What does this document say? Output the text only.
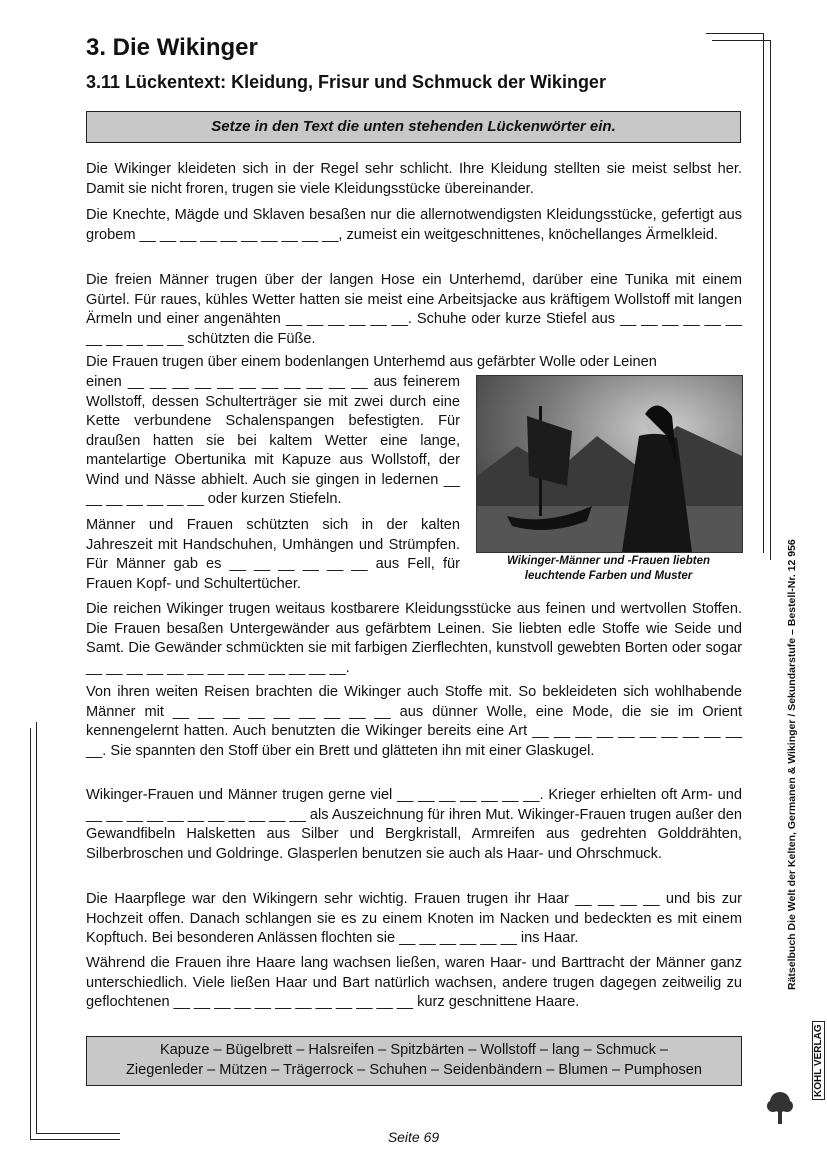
3. Die Wikinger
3.11 Lückentext: Kleidung, Frisur und Schmuck der Wikinger
Setze in den Text die unten stehenden Lückenwörter ein.

Die Wikinger kleideten sich in der Regel sehr schlicht. Ihre Kleidung stellten sie meist selbst her. Damit sie nicht froren, trugen sie viele Kleidungsstücke übereinander.

Die Knechte, Mägde und Sklaven besaßen nur die allernotwendigsten Kleidungsstücke, gefertigt aus grobem __ __ __ __ __ __ __ __ __ __, zumeist ein weitgeschnittenes, knöchellanges Ärmelkleid.

Die freien Männer trugen über der langen Hose ein Unterhemd, darüber eine Tunika mit einem Gürtel. Für raues, kühles Wetter hatten sie meist eine Arbeitsjacke aus kräftigem Wollstoff mit langen Ärmeln und einer angenähten __ __ __ __ __ __. Schuhe oder kurze Stiefel aus __ __ __ __ __ __ __ __ __ __ __ schützten die Füße.

Die Frauen trugen über einem bodenlangen Unterhemd aus gefärbter Wolle oder Leinen

einen __ __ __ __ __ __ __ __ __ __ __ aus feinerem Wollstoff, dessen Schulterträger sie mit zwei durch eine Kette verbundene Schalenspangen befestigten. Für draußen hatten sie bei kaltem Wetter eine lange, mantelartige Obertunika mit Kapuze aus Wollstoff, der Wind und Nässe abhielt. Auch sie gingen in ledernen __ __ __ __ __ __ __ oder kurzen Stiefeln.

Männer und Frauen schützten sich in der kalten Jahreszeit mit Handschuhen, Umhängen und Strümpfen. Für Männer gab es __ __ __ __ __ __ aus Fell, für Frauen Kopf- und Schultertücher.

Die reichen Wikinger trugen weitaus kostbarere Kleidungsstücke aus feinen und wertvollen Stoffen. Die Frauen besaßen Untergewänder aus gefärbtem Leinen. Sie liebten edle Stoffe wie Seide und Samt. Die Gewänder schmückten sie mit farbigen Zierflechten, kunstvoll gewebten Borten oder sogar __ __ __ __ __ __ __ __ __ __ __ __ __.

Von ihren weiten Reisen brachten die Wikinger auch Stoffe mit. So bekleideten sich wohlhabende Männer mit __ __ __ __ __ __ __ __ __ aus dünner Wolle, eine Mode, die sie im Orient kennengelernt hatten. Auch benutzten die Wikinger bereits eine Art __ __ __ __ __ __ __ __ __ __ __. Sie spannten den Stoff über ein Brett und glätteten ihn mit einer Glaskugel.

Wikinger-Frauen und Männer trugen gerne viel __ __ __ __ __ __ __. Krieger erhielten oft Arm- und __ __ __ __ __ __ __ __ __ __ __ als Auszeichnung für ihren Mut. Wikinger-Frauen trugen außer den Gewandfibeln Halsketten aus Silber und Bergkristall, Armreifen aus gedrehten Golddrähten, Silberbroschen und Goldringe. Glasperlen benutzen sie auch als Haar- und Ohrschmuck.

Die Haarpflege war den Wikingern sehr wichtig. Frauen trugen ihr Haar __ __ __ __ und bis zur Hochzeit offen. Danach schlangen sie es zu einem Knoten im Nacken und bedeckten es mit einem Kopftuch. Bei besonderen Anlässen flochten sie __ __ __ __ __ __ ins Haar.

Während die Frauen ihre Haare lang wachsen ließen, waren Haar- und Barttracht der Männer ganz unterschiedlich. Viele ließen Haar und Bart natürlich wachsen, andere trugen dagegen zeitweilig zu geflochtenen __ __ __ __ __ __ __ __ __ __ __ __ kurz geschnittene Haare.

Wikinger-Männer und -Frauen liebten leuchtende Farben und Muster
Kapuze – Bügelbrett – Halsreifen – Spitzbärten – Wollstoff – lang – Schmuck –
Ziegenleder – Mützen – Trägerrock – Schuhen – Seidenbändern – Blumen – Pumphosen
Rätselbuch Die Welt der Kelten, Germanen & Wikinger / Sekundarstufe – Bestell-Nr. 12 956
KOHL VERLAG
Seite 69
